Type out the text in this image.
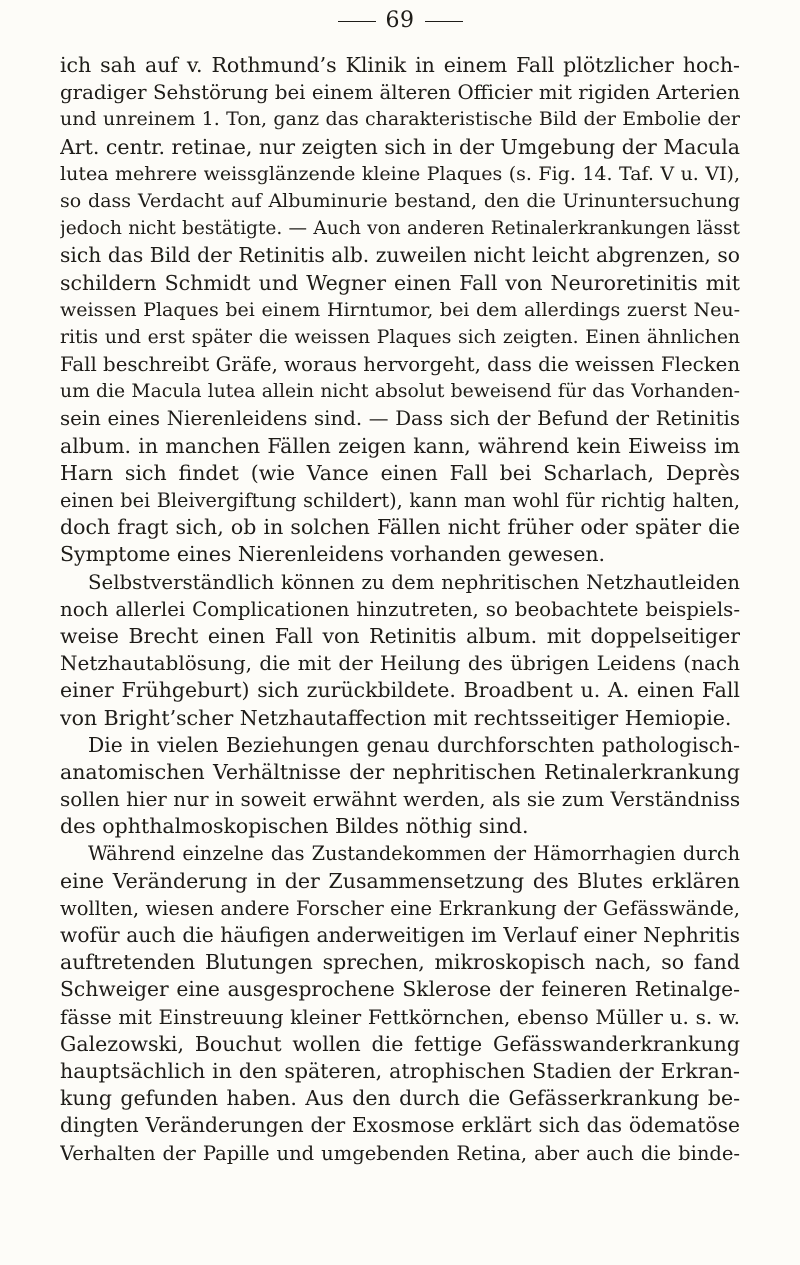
69
ich sah auf v. Rothmund’s Klinik in einem Fall plötzlicher hoch-
gradiger Sehstörung bei einem älteren Officier mit rigiden Arterien
und unreinem 1. Ton, ganz das charakteristische Bild der Embolie der
Art. centr. retinae, nur zeigten sich in der Umgebung der Macula
lutea mehrere weissglänzende kleine Plaques (s. Fig. 14. Taf. V u. VI),
so dass Verdacht auf Albuminurie bestand, den die Urinuntersuchung
jedoch nicht bestätigte. — Auch von anderen Retinalerkrankungen lässt
sich das Bild der Retinitis alb. zuweilen nicht leicht abgrenzen, so
schildern Schmidt und Wegner einen Fall von Neuroretinitis mit
weissen Plaques bei einem Hirntumor, bei dem allerdings zuerst Neu-
ritis und erst später die weissen Plaques sich zeigten. Einen ähnlichen
Fall beschreibt Gräfe, woraus hervorgeht, dass die weissen Flecken
um die Macula lutea allein nicht absolut beweisend für das Vorhanden-
sein eines Nierenleidens sind. — Dass sich der Befund der Retinitis
album. in manchen Fällen zeigen kann, während kein Eiweiss im
Harn sich findet (wie Vance einen Fall bei Scharlach, Deprès
einen bei Bleivergiftung schildert), kann man wohl für richtig halten,
doch fragt sich, ob in solchen Fällen nicht früher oder später die
Symptome eines Nierenleidens vorhanden gewesen.
Selbstverständlich können zu dem nephritischen Netzhautleiden
noch allerlei Complicationen hinzutreten, so beobachtete beispiels-
weise Brecht einen Fall von Retinitis album. mit doppelseitiger
Netzhautablösung, die mit der Heilung des übrigen Leidens (nach
einer Frühgeburt) sich zurückbildete. Broadbent u. A. einen Fall
von Bright’scher Netzhautaffection mit rechtsseitiger Hemiopie.
Die in vielen Beziehungen genau durchforschten pathologisch-
anatomischen Verhältnisse der nephritischen Retinalerkrankung
sollen hier nur in soweit erwähnt werden, als sie zum Verständniss
des ophthalmoskopischen Bildes nöthig sind.
Während einzelne das Zustandekommen der Hämorrhagien durch
eine Veränderung in der Zusammensetzung des Blutes erklären
wollten, wiesen andere Forscher eine Erkrankung der Gefässwände,
wofür auch die häufigen anderweitigen im Verlauf einer Nephritis
auftretenden Blutungen sprechen, mikroskopisch nach, so fand
Schweiger eine ausgesprochene Sklerose der feineren Retinalge-
fässe mit Einstreuung kleiner Fettkörnchen, ebenso Müller u. s. w.
Galezowski, Bouchut wollen die fettige Gefässwanderkrankung
hauptsächlich in den späteren, atrophischen Stadien der Erkran-
kung gefunden haben. Aus den durch die Gefässerkrankung be-
dingten Veränderungen der Exosmose erklärt sich das ödematöse
Verhalten der Papille und umgebenden Retina, aber auch die binde-
